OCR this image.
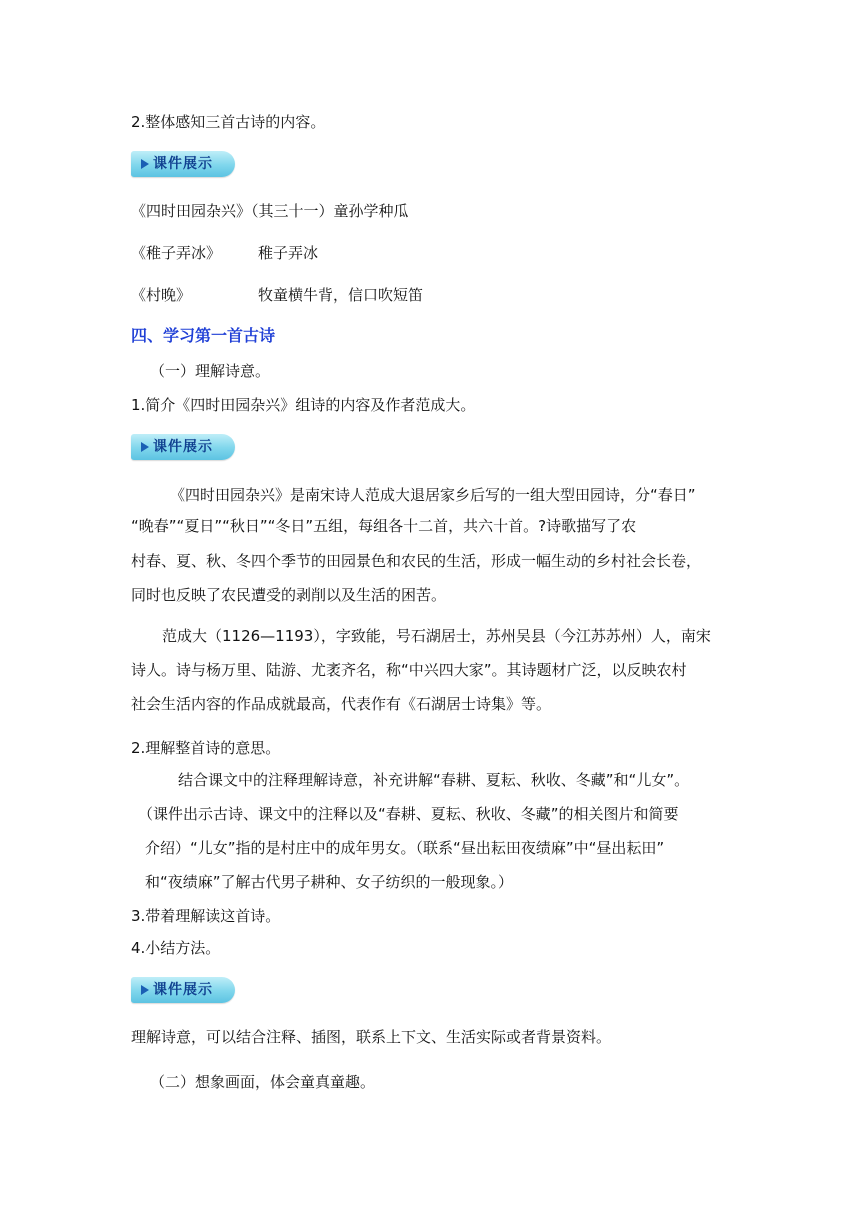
2.整体感知三首古诗的内容。
课件展示
《四时田园杂兴》（其三十一）童孙学种瓜
《稚子弄冰》 稚子弄冰
《村晚》	牧童横牛背，信口吹短笛
四、学习第一首古诗
（一）理解诗意。
1.简介《四时田园杂兴》组诗的内容及作者范成大。
课件展示
《四时田园杂兴》是南宋诗人范成大退居家乡后写的一组大型田园诗，分“春日”
“晚春”“夏日”“秋日”“冬日”五组，每组各十二首，共六十首。?诗歌描写了农
村春、夏、秋、冬四个季节的田园景色和农民的生活，形成一幅生动的乡村社会长卷，
同时也反映了农民遭受的剥削以及生活的困苦。
范成大（1126—1193），字致能，号石湖居士，苏州吴县（今江苏苏州）人，南宋
诗人。诗与杨万里、陆游、尤袤齐名，称“中兴四大家”。其诗题材广泛，以反映农村
社会生活内容的作品成就最高，代表作有《石湖居士诗集》等。
2.理解整首诗的意思。
结合课文中的注释理解诗意，补充讲解“春耕、夏耘、秋收、冬藏”和“儿女”。
（课件出示古诗、课文中的注释以及“春耕、夏耘、秋收、冬藏”的相关图片和简要
介绍）“儿女”指的是村庄中的成年男女。（联系“昼出耘田夜绩麻”中“昼出耘田”
和“夜绩麻”了解古代男子耕种、女子纺织的一般现象。）
3.带着理解读这首诗。
4.小结方法。
课件展示
理解诗意，可以结合注释、插图，联系上下文、生活实际或者背景资料。
（二）想象画面，体会童真童趣。
